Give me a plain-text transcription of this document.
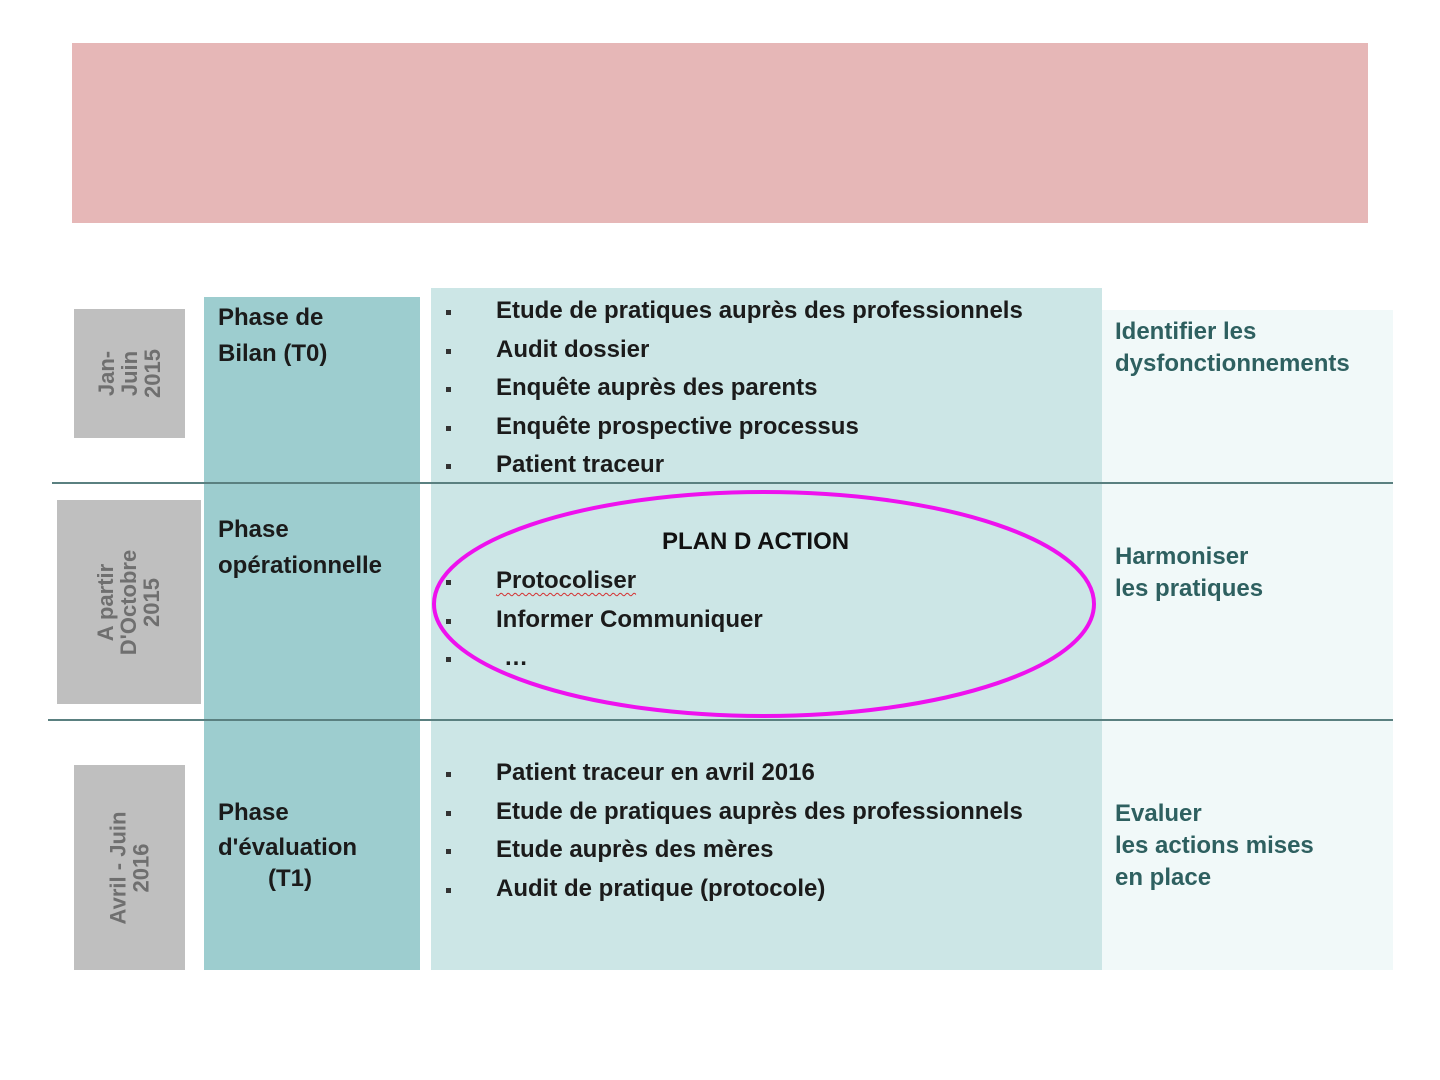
Jan-
Juin
2015
Phase de
Bilan (T0)
Etude de pratiques auprès des professionnels
Audit dossier
Enquête auprès des parents
Enquête prospective processus
Patient traceur
Identifier les
dysfonctionnements
A partir
D'Octobre
2015
Phase
opérationnelle
PLAN D ACTION
Protocoliser
Informer Communiquer
…
Harmoniser
les pratiques
Avril - Juin
2016
Phase
d'évaluation
(T1)
Patient traceur en avril 2016
Etude de pratiques auprès des professionnels
Etude auprès des mères
Audit de pratique (protocole)
Evaluer
les actions mises
en place
